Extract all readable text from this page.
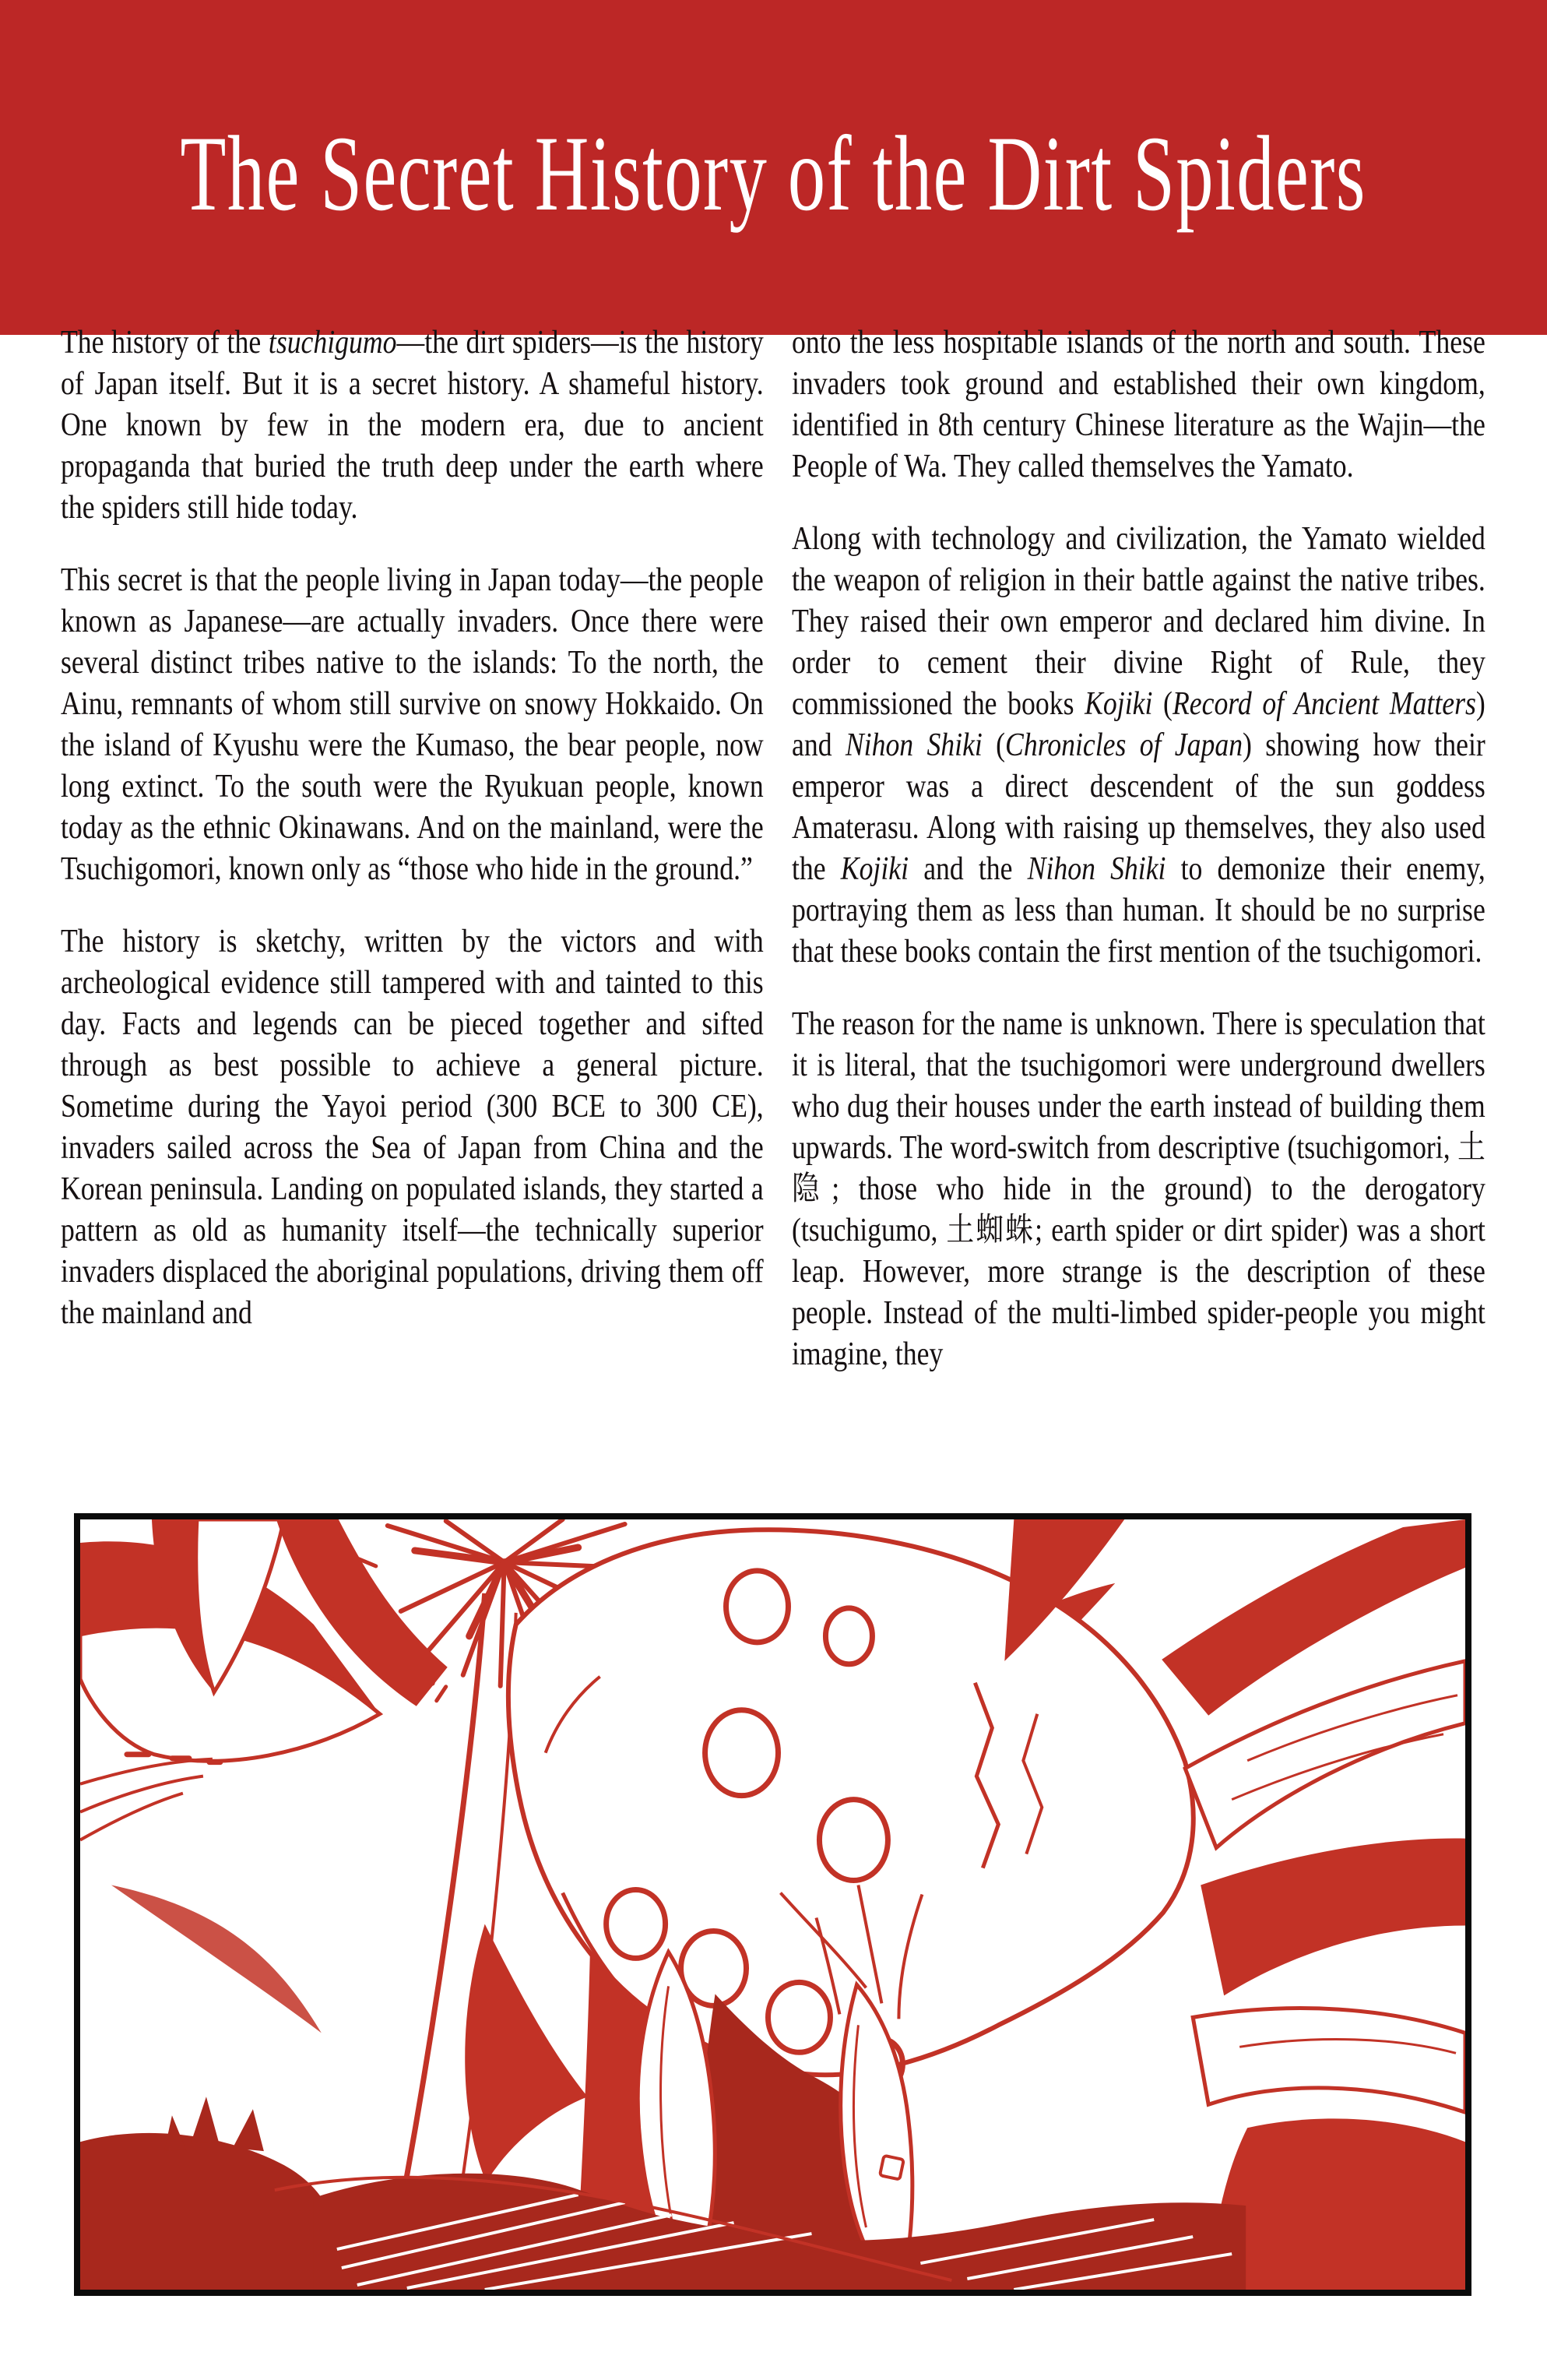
The Secret History of the Dirt Spiders

The history of the tsuchigumo—the dirt spiders—is the history of Japan itself. But it is a secret history. A shameful history. One known by few in the modern era, due to ancient propaganda that buried the truth deep under the earth where the spiders still hide today.

This secret is that the people living in Japan today—the people known as Japanese—are actually invaders. Once there were several distinct tribes native to the islands: To the north, the Ainu, remnants of whom still survive on snowy Hokkaido. On the island of Kyushu were the Kumaso, the bear people, now long extinct. To the south were the Ryukuan people, known today as the ethnic Okinawans. And on the mainland, were the Tsuchigomori, known only as “those who hide in the ground.”

The history is sketchy, written by the victors and with archeological evidence still tampered with and tainted to this day. Facts and legends can be pieced together and sifted through as best possible to achieve a general picture. Sometime during the Yayoi period (300 BCE to 300 CE), invaders sailed across the Sea of Japan from China and the Korean peninsula. Landing on populated islands, they started a pattern as old as humanity itself—the technically superior invaders displaced the aboriginal populations, driving them off the mainland and

onto the less hospitable islands of the north and south. These invaders took ground and established their own kingdom, identified in 8th century Chinese literature as the Wajin—the People of Wa. They called themselves the Yamato.

Along with technology and civilization, the Yamato wielded the weapon of religion in their battle against the native tribes. They raised their own emperor and declared him divine. In order to cement their divine Right of Rule, they commissioned the books Kojiki (Record of Ancient Matters) and Nihon Shiki (Chronicles of Japan) showing how their emperor was a direct descendent of the sun goddess Amaterasu. Along with raising up themselves, they also used the Kojiki and the Nihon Shiki to demonize their enemy, portraying them as less than human. It should be no surprise that these books contain the first mention of the tsuchigomori.

The reason for the name is unknown. There is speculation that it is literal, that the tsuchigomori were underground dwellers who dug their houses under the earth instead of building them upwards. The word-switch from descriptive (tsuchigomori, 土隐; those who hide in the ground) to the derogatory (tsuchigumo, 土蜘蛛; earth spider or dirt spider) was a short leap. However, more strange is the description of these people. Instead of the multi-limbed spider-people you might imagine, they
